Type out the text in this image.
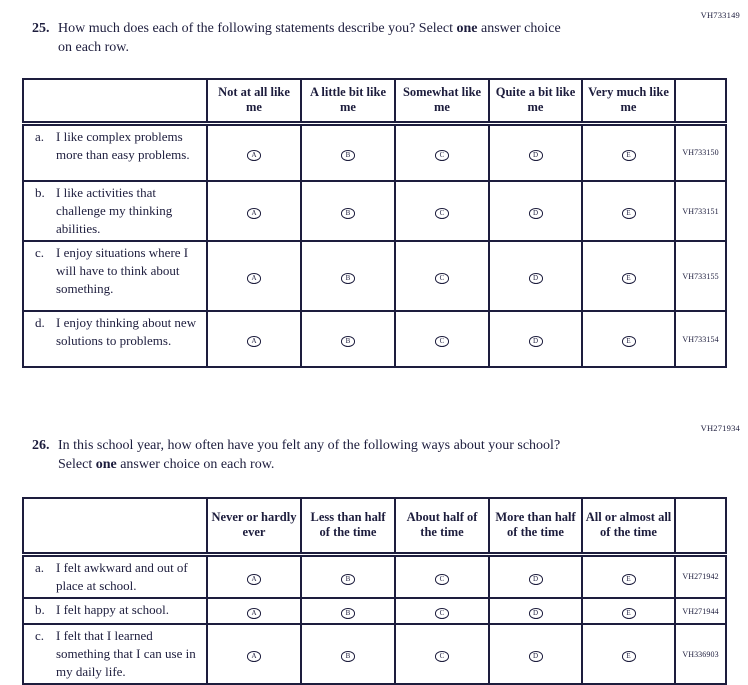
VH733149
25. How much does each of the following statements describe you? Select one answer choice on each row.
	Not at all like me	A little bit like me	Somewhat like me	Quite a bit like me	Very much like me	

a. I like complex problems more than easy problems.	A	B	C	D	E	VH733150

b. I like activities that challenge my thinking abilities.	A	B	C	D	E	VH733151

c. I enjoy situations where I will have to think about something.	A	B	C	D	E	VH733155

d. I enjoy thinking about new solutions to problems.	A	B	C	D	E	VH733154
VH271934
26. In this school year, how often have you felt any of the following ways about your school? Select one answer choice on each row.
	Never or hardly ever	Less than half of the time	About half of the time	More than half of the time	All or almost all of the time	

a. I felt awkward and out of place at school.	A	B	C	D	E	VH271942

b. I felt happy at school.	A	B	C	D	E	VH271944

c. I felt that I learned something that I can use in my daily life.	A	B	C	D	E	VH336903
